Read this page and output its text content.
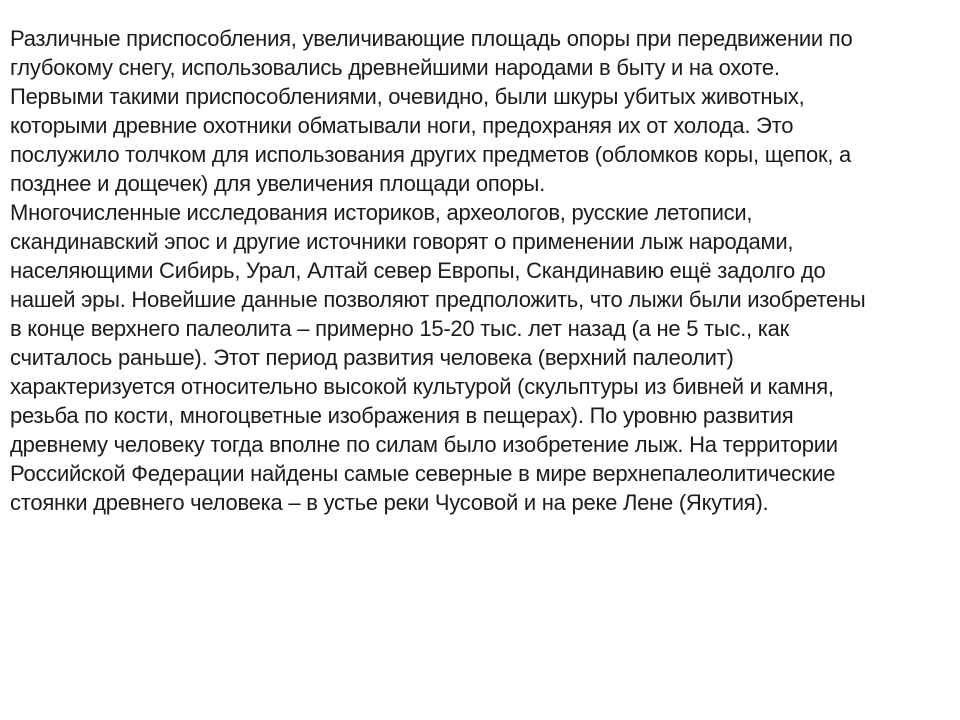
Различные приспособления, увеличивающие площадь опоры при передвижении по
глубокому снегу, использовались древнейшими народами в быту и на охоте.
Первыми такими приспособлениями, очевидно, были шкуры убитых животных,
которыми древние охотники обматывали ноги, предохраняя их от холода. Это
послужило толчком для использования других предметов (обломков коры, щепок, а
позднее и дощечек) для увеличения площади опоры.
Многочисленные исследования историков, археологов, русские летописи,
скандинавский эпос и другие источники говорят о применении лыж народами,
населяющими Сибирь, Урал, Алтай север Европы, Скандинавию ещё задолго до
нашей эры. Новейшие данные позволяют предположить, что лыжи были изобретены
в конце верхнего палеолита – примерно 15-20 тыс. лет назад (а не 5 тыс., как
считалось раньше). Этот период развития человека (верхний палеолит)
характеризуется относительно высокой культурой (скульптуры из бивней и камня,
резьба по кости, многоцветные изображения в пещерах). По уровню развития
древнему человеку тогда вполне по силам было изобретение лыж. На территории
Российской Федерации найдены самые северные в мире верхнепалеолитические
стоянки древнего человека – в устье реки Чусовой и на реке Лене (Якутия).
